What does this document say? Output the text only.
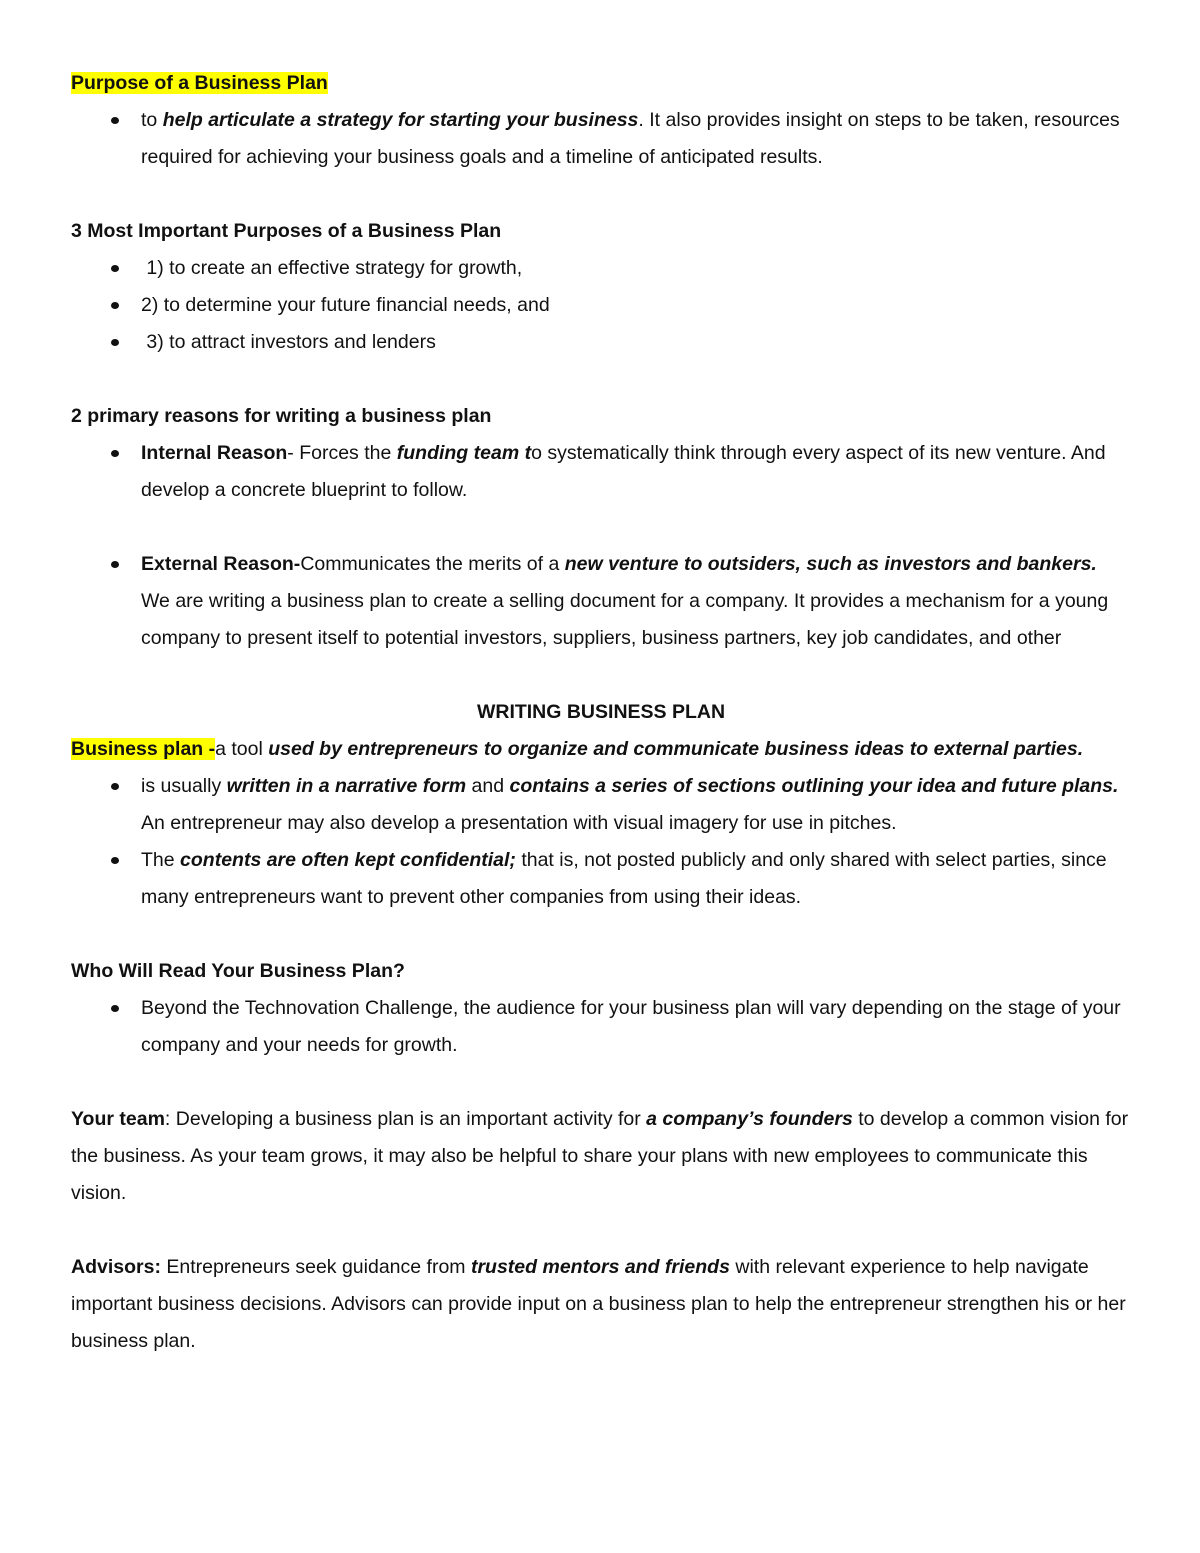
Purpose of a Business Plan

to help articulate a strategy for starting your business. It also provides insight on steps to be taken, resources required for achieving your business goals and a timeline of anticipated results.

3 Most Important Purposes of a Business Plan

1) to create an effective strategy for growth,
2) to determine your future financial needs, and
3) to attract investors and lenders

2 primary reasons for writing a business plan

Internal Reason- Forces the funding team to systematically think through every aspect of its new venture. And develop a concrete blueprint to follow.
External Reason-Communicates the merits of a new venture to outsiders, such as investors and bankers. We are writing a business plan to create a selling document for a company. It provides a mechanism for a young company to present itself to potential investors, suppliers, business partners, key job candidates, and other

WRITING BUSINESS PLAN

Business plan -a tool used by entrepreneurs to organize and communicate business ideas to external parties.

is usually written in a narrative form and contains a series of sections outlining your idea and future plans. An entrepreneur may also develop a presentation with visual imagery for use in pitches.
The contents are often kept confidential; that is, not posted publicly and only shared with select parties, since many entrepreneurs want to prevent other companies from using their ideas.

Who Will Read Your Business Plan?

Beyond the Technovation Challenge, the audience for your business plan will vary depending on the stage of your company and your needs for growth.

Your team: Developing a business plan is an important activity for a company’s founders to develop a common vision for the business. As your team grows, it may also be helpful to share your plans with new employees to communicate this vision.

Advisors: Entrepreneurs seek guidance from trusted mentors and friends with relevant experience to help navigate important business decisions. Advisors can provide input on a business plan to help the entrepreneur strengthen his or her business plan.
